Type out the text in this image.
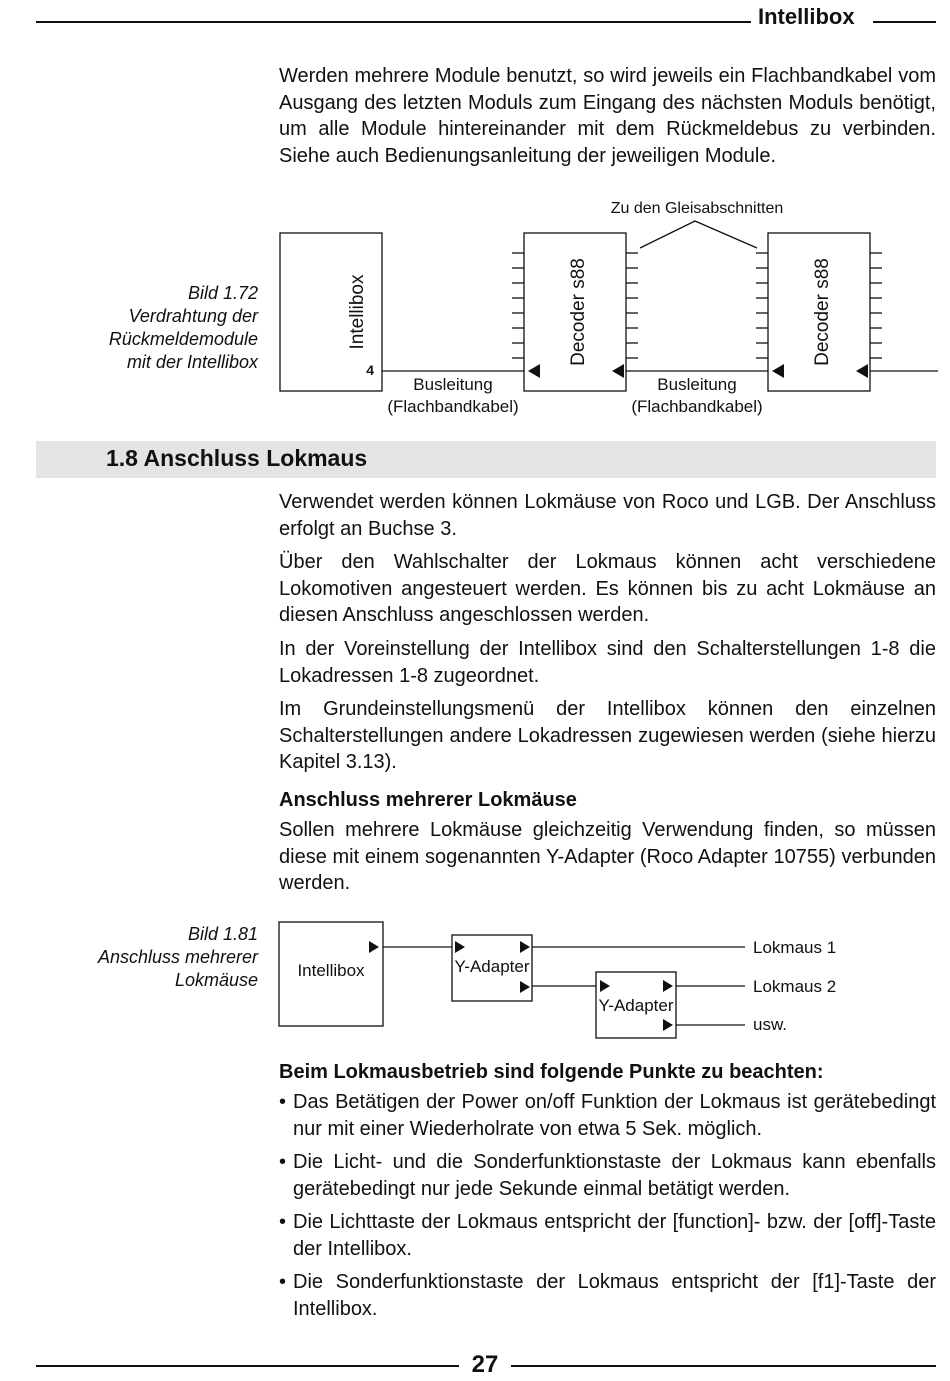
Intellibox

Werden mehrere Module benutzt, so wird jeweils ein Flachbandkabel vom Ausgang des letzten Moduls zum Eingang des nächsten Moduls benötigt, um alle Module hintereinander mit dem Rückmeldebus zu verbinden. Siehe auch Bedienungsanleitung der jeweiligen Module.

Bild 1.72
Verdrahtung der
Rückmeldemodule
mit der Intellibox
Zu den Gleisabschnitten
Intellibox
4
Decoder s88	Decoder s88
Busleitung
(Flachbandkabel)
Busleitung
(Flachbandkabel)
1.8 Anschluss Lokmaus

Verwendet werden können Lokmäuse von Roco und LGB. Der Anschluss erfolgt an Buchse 3.

Über den Wahlschalter der Lokmaus können acht verschiedene Lokomotiven angesteuert werden. Es können bis zu acht Lokmäuse an diesen Anschluss angeschlossen werden.

In der Voreinstellung der Intellibox sind den Schalterstellungen 1-8 die Lokadressen 1-8 zugeordnet.

Im Grundeinstellungsmenü der Intellibox können den einzelnen Schalterstellungen andere Lokadressen zugewiesen werden (siehe hierzu Kapitel 3.13).

Anschluss mehrerer Lokmäuse

Sollen mehrere Lokmäuse gleichzeitig Verwendung finden, so müssen diese mit einem sogenannten Y-Adapter (Roco Adapter 10755) verbunden werden.

Bild 1.81
Anschluss mehrerer
Lokmäuse Intellibox	Y-Adapter
Y-Adapter
Lokmaus 1
Lokmaus 2
usw.
Beim Lokmausbetrieb sind folgende Punkte zu beachten:
• Das Betätigen der Power on/off Funktion der Lokmaus ist gerätebedingt nur mit einer Wiederholrate von etwa 5 Sek. möglich.
• Die Licht- und die Sonderfunktionstaste der Lokmaus kann ebenfalls gerätebedingt nur jede Sekunde einmal betätigt werden.
• Die Lichttaste der Lokmaus entspricht der [function]- bzw. der [off]-Taste der Intellibox.
• Die Sonderfunktionstaste der Lokmaus entspricht der [f1]-Taste der Intellibox.
27
